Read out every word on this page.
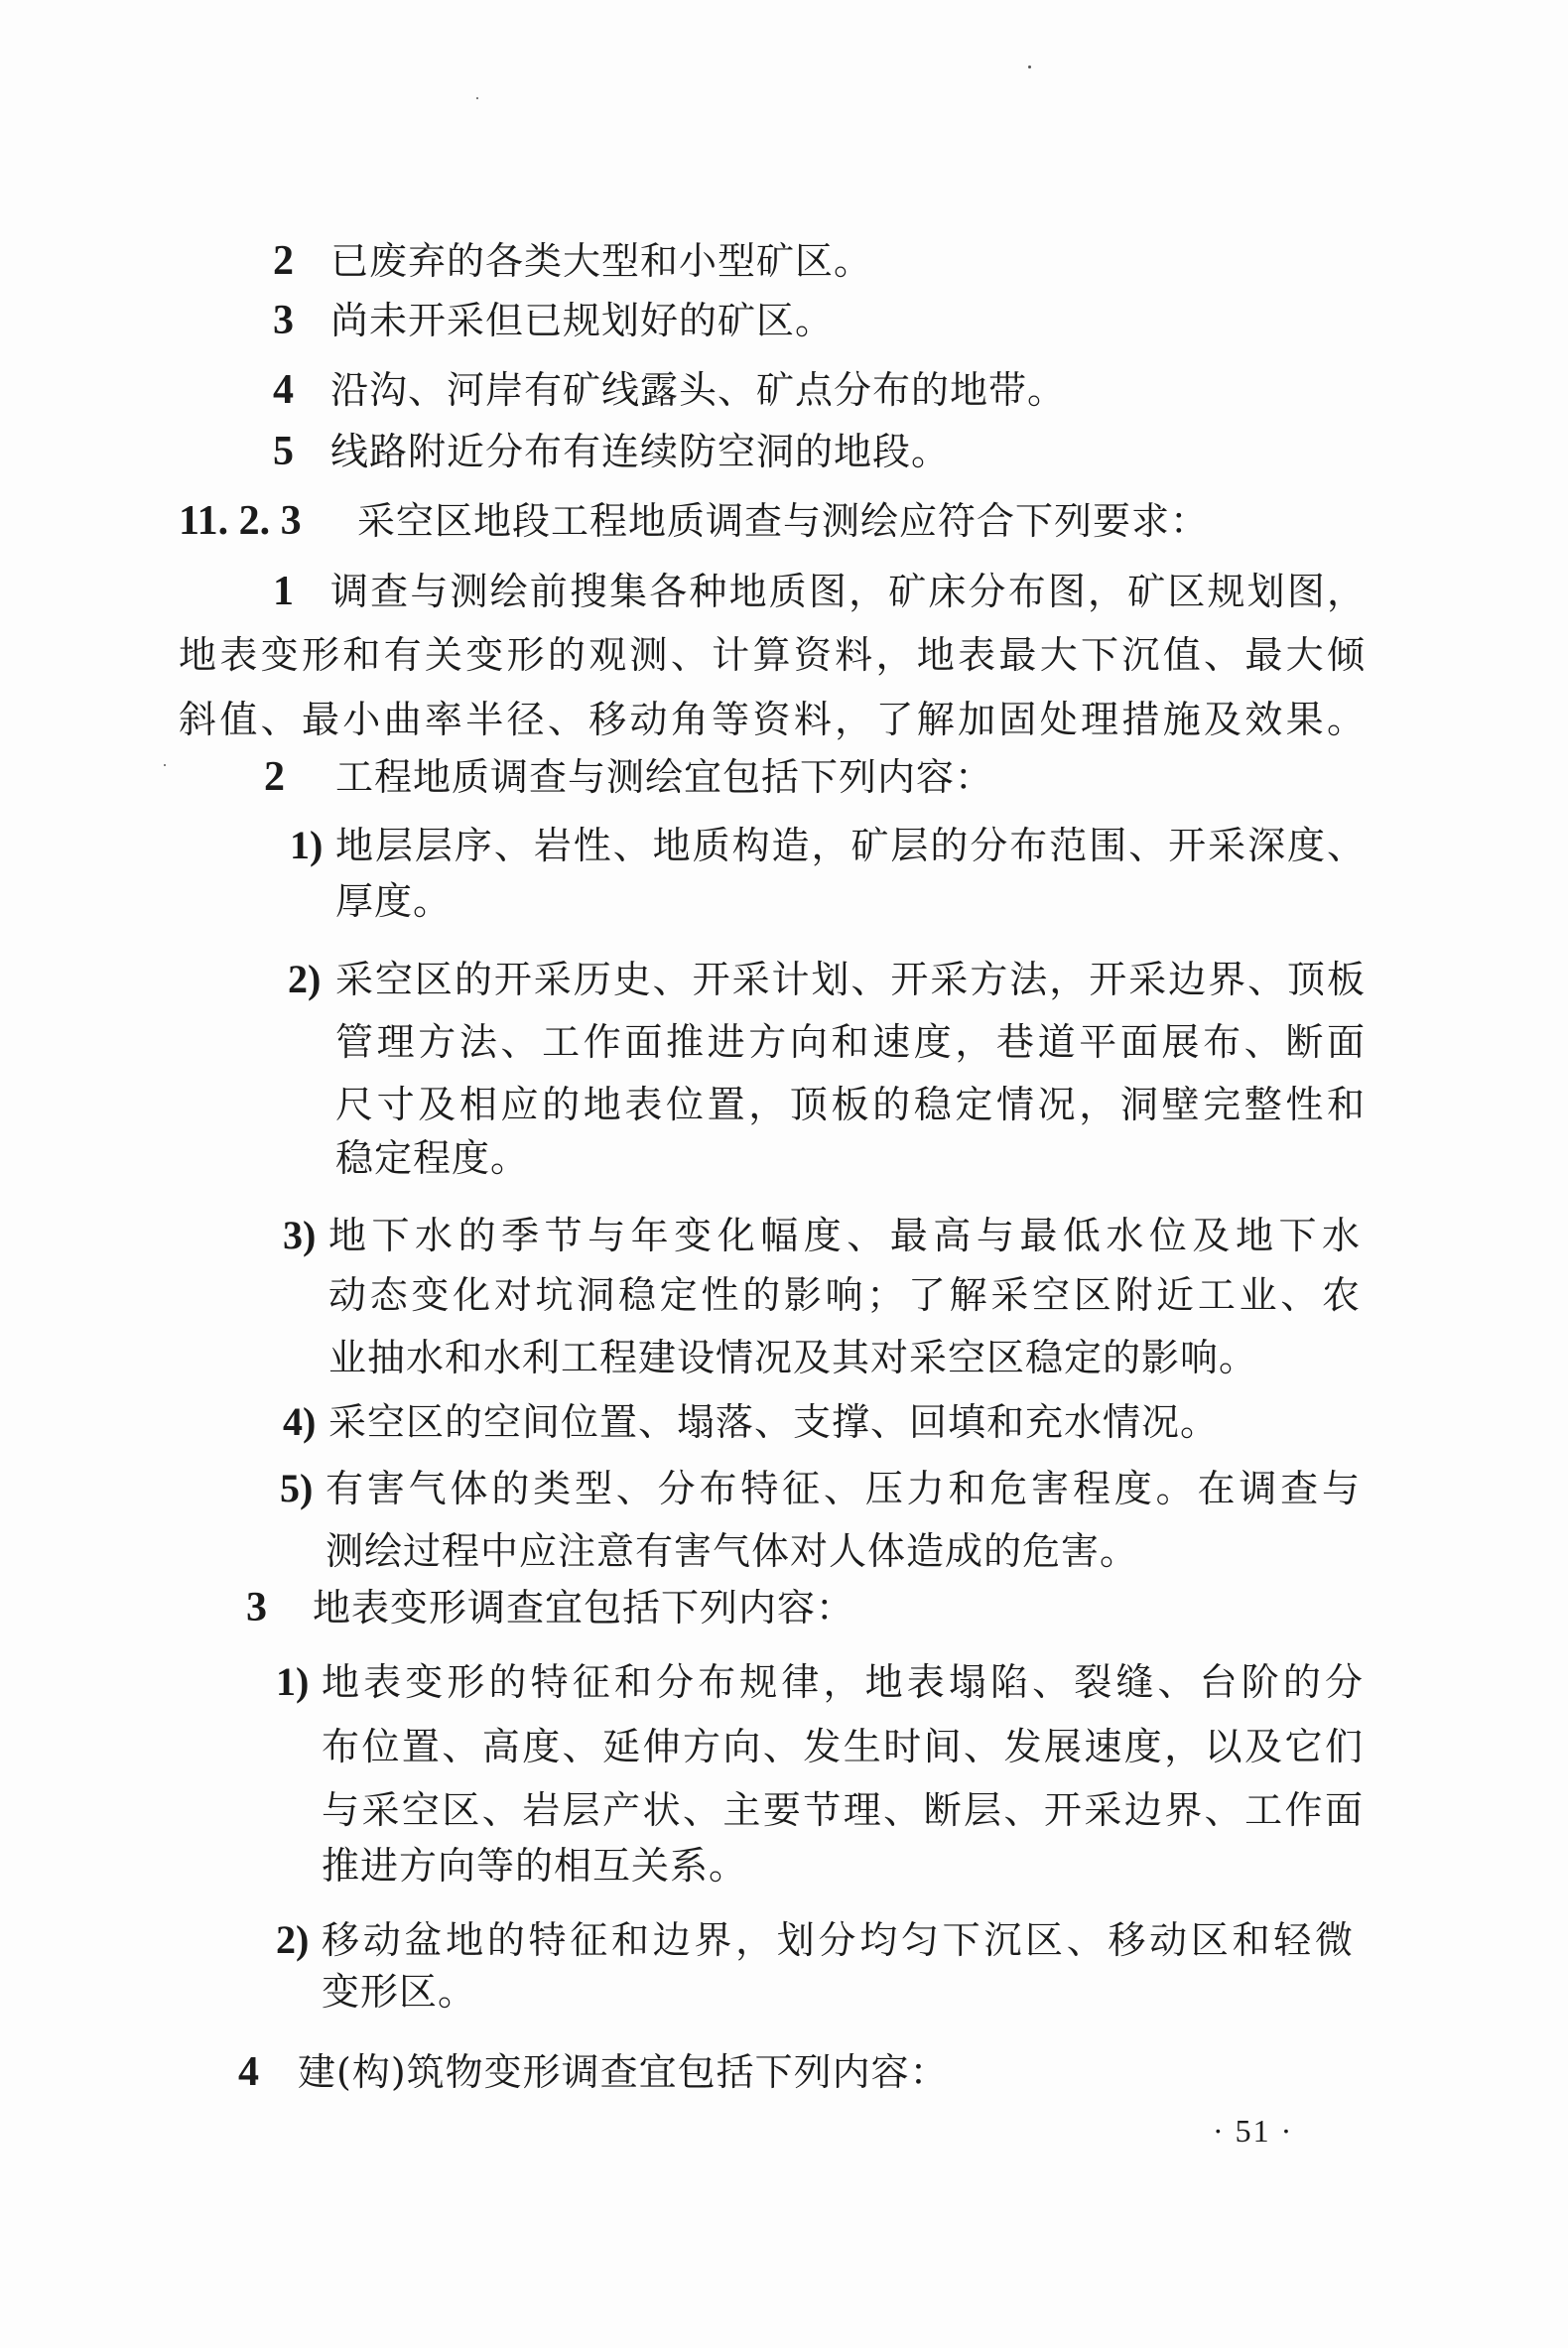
2 已废弃的各类大型和小型矿区。
3 尚未开采但已规划好的矿区。
4 沿沟、河岸有矿线露头、矿点分布的地带。
5 线路附近分布有连续防空洞的地段。
11. 2. 3 采空区地段工程地质调查与测绘应符合下列要求：
1 调查与测绘前搜集各种地质图，矿床分布图，矿区规划图，
地表变形和有关变形的观测、计算资料，地表最大下沉值、最大倾
斜值、最小曲率半径、移动角等资料，了解加固处理措施及效果。
2 工程地质调查与测绘宜包括下列内容：
1) 地层层序、岩性、地质构造，矿层的分布范围、开采深度、
厚度。
2) 采空区的开采历史、开采计划、开采方法，开采边界、顶板
管理方法、工作面推进方向和速度，巷道平面展布、断面
尺寸及相应的地表位置，顶板的稳定情况，洞壁完整性和
稳定程度。
3) 地下水的季节与年变化幅度、最高与最低水位及地下水
动态变化对坑洞稳定性的影响；了解采空区附近工业、农
业抽水和水利工程建设情况及其对采空区稳定的影响。
4) 采空区的空间位置、塌落、支撑、回填和充水情况。
5) 有害气体的类型、分布特征、压力和危害程度。在调查与
测绘过程中应注意有害气体对人体造成的危害。
3 地表变形调查宜包括下列内容：
1) 地表变形的特征和分布规律，地表塌陷、裂缝、台阶的分
布位置、高度、延伸方向、发生时间、发展速度，以及它们
与采空区、岩层产状、主要节理、断层、开采边界、工作面
推进方向等的相互关系。
2) 移动盆地的特征和边界，划分均匀下沉区、移动区和轻微
变形区。
4 建(构)筑物变形调查宜包括下列内容：
· 51 ·
